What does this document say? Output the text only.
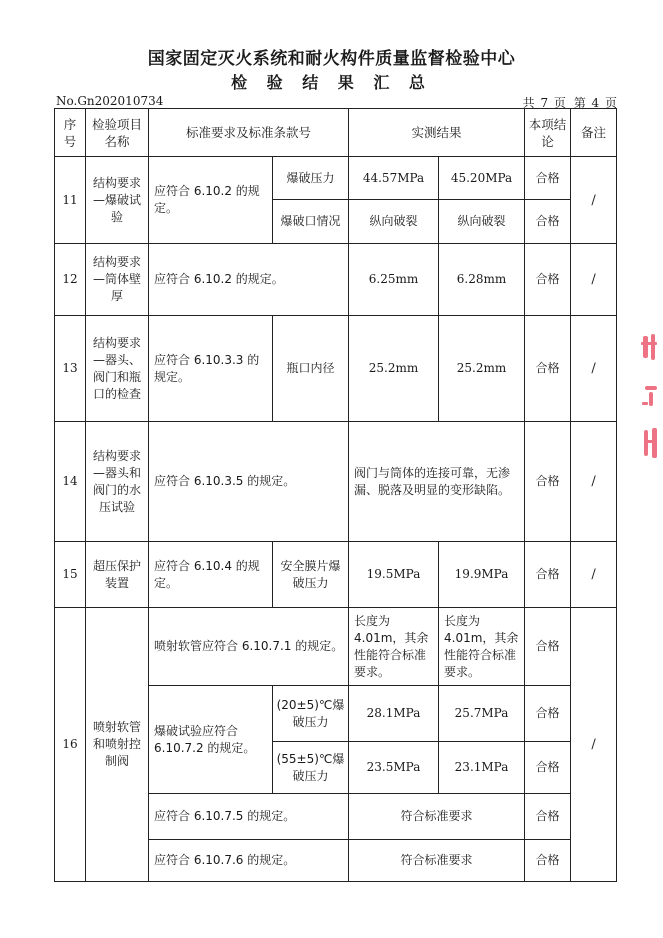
国家固定灭火系统和耐火构件质量监督检验中心
检 验 结 果 汇 总
No.Gn202010734	共 7 页 第 4 页
序号	检验项目名称	标准要求及标准条款号		实测结果		本项结论	备注
11	结构要求—爆破试验	应符合 6.10.2 的规定。	爆破压力	44.57MPa	45.20MPa	合格	/
			爆破口情况	纵向破裂	纵向破裂	合格	
12	结构要求—筒体壁厚	应符合 6.10.2 的规定。		6.25mm	6.28mm	合格	/
13	结构要求—器头、阀门和瓶口的检查	应符合 6.10.3.3 的规定。	瓶口内径	25.2mm	25.2mm	合格	/
14	结构要求—器头和阀门的水压试验	应符合 6.10.3.5 的规定。		阀门与筒体的连接可靠，无渗漏、脱落及明显的变形缺陷。		合格	/
15	超压保护装置	应符合 6.10.4 的规定。	安全膜片爆破压力	19.5MPa	19.9MPa	合格	/
16	喷射软管和喷射控制阀	喷射软管应符合 6.10.7.1 的规定。		长度为4.01m，其余性能符合标准要求。	长度为4.01m，其余性能符合标准要求。	合格	/
		爆破试验应符合 6.10.7.2 的规定。	(20±5)℃爆破压力	28.1MPa	25.7MPa	合格	
			(55±5)℃爆破压力	23.5MPa	23.1MPa	合格	
		应符合 6.10.7.5 的规定。		符合标准要求		合格	
		应符合 6.10.7.6 的规定。		符合标准要求		合格	
